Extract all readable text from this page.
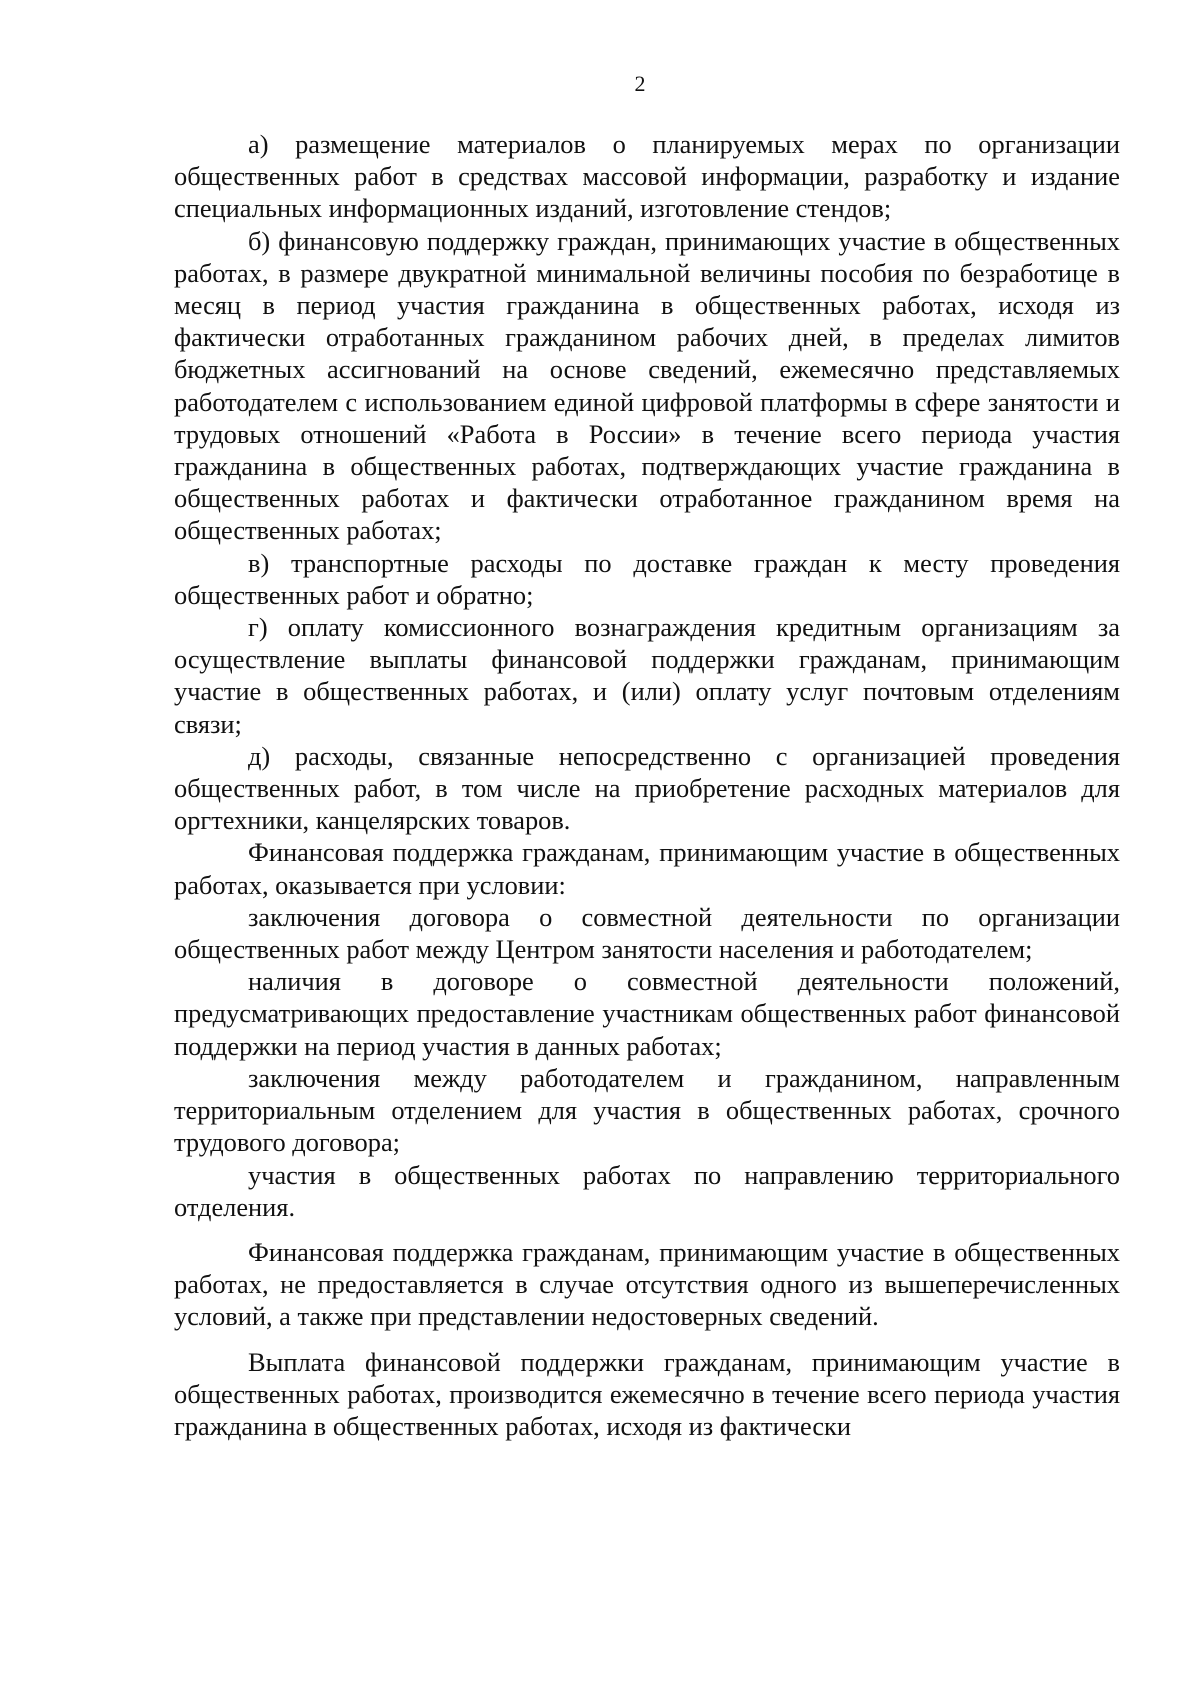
2

а) размещение материалов о планируемых мерах по организации общественных работ в средствах массовой информации, разработку и издание специальных информационных изданий, изготовление стендов;

б) финансовую поддержку граждан, принимающих участие в общественных работах, в размере двукратной минимальной величины пособия по безработице в месяц в период участия гражданина в общественных работах, исходя из фактически отработанных гражданином рабочих дней, в пределах лимитов бюджетных ассигнований на основе сведений, ежемесячно представляемых работодателем с использованием единой цифровой платформы в сфере занятости и трудовых отношений «Работа в России» в течение всего периода участия гражданина в общественных работах, подтверждающих участие гражданина в общественных работах и фактически отработанное гражданином время на общественных работах;

в) транспортные расходы по доставке граждан к месту проведения общественных работ и обратно;

г) оплату комиссионного вознаграждения кредитным организациям за осуществление выплаты финансовой поддержки гражданам, принимающим участие в общественных работах, и (или) оплату услуг почтовым отделениям связи;

д) расходы, связанные непосредственно с организацией проведения общественных работ, в том числе на приобретение расходных материалов для оргтехники, канцелярских товаров.

Финансовая поддержка гражданам, принимающим участие в общественных работах, оказывается при условии:

заключения договора о совместной деятельности по организации общественных работ между Центром занятости населения и работодателем;

наличия в договоре о совместной деятельности положений, предусматривающих предоставление участникам общественных работ финансовой поддержки на период участия в данных работах;

заключения между работодателем и гражданином, направленным территориальным отделением для участия в общественных работах, срочного трудового договора;

участия в общественных работах по направлению территориального отделения.

Финансовая поддержка гражданам, принимающим участие в общественных работах, не предоставляется в случае отсутствия одного из вышеперечисленных условий, а также при представлении недостоверных сведений.

Выплата финансовой поддержки гражданам, принимающим участие в общественных работах, производится ежемесячно в течение всего периода участия гражданина в общественных работах, исходя из фактически
